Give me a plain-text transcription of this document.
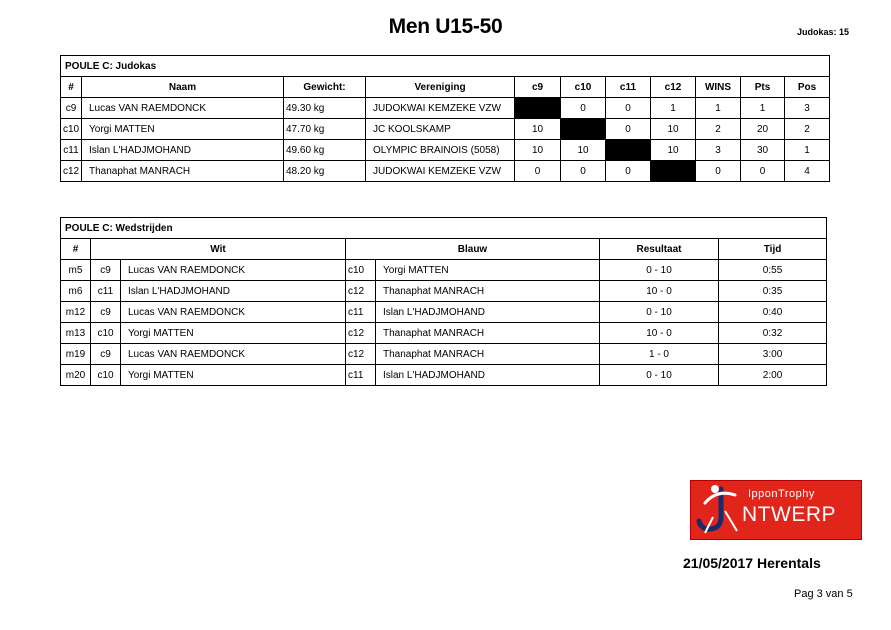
Men U15-50	Judokas: 15
POULE C: Judokas										
#	Naam	Gewicht:	Vereniging	c9	c10	c11	c12	WINS	Pts	Pos
c9	Lucas VAN RAEMDONCK	49.30 kg	JUDOKWAI KEMZEKE VZW		0	0	1	1	1	3
c10	Yorgi MATTEN	47.70 kg	JC KOOLSKAMP	10		0	10	2	20	2
c11	Islan L'HADJMOHAND	49.60 kg	OLYMPIC BRAINOIS (5058)	10	10		10	3	30	1
c12	Thanaphat MANRACH	48.20 kg	JUDOKWAI KEMZEKE VZW	0	0	0		0	0	4
POULE C: Wedstrijden						
#	Wit		Blauw		Resultaat	Tijd
m5	c9	Lucas VAN RAEMDONCK	c10	Yorgi MATTEN	0 - 10	0:55
m6	c11	Islan L'HADJMOHAND	c12	Thanaphat MANRACH	10 - 0	0:35
m12	c9	Lucas VAN RAEMDONCK	c11	Islan L'HADJMOHAND	0 - 10	0:40
m13	c10	Yorgi MATTEN	c12	Thanaphat MANRACH	10 - 0	0:32
m19	c9	Lucas VAN RAEMDONCK	c12	Thanaphat MANRACH	1 - 0	3:00
m20	c10	Yorgi MATTEN	c11	Islan L'HADJMOHAND	0 - 10	2:00
IpponTrophy
NTWERP
21/05/2017 Herentals
Pag 3 van 5
